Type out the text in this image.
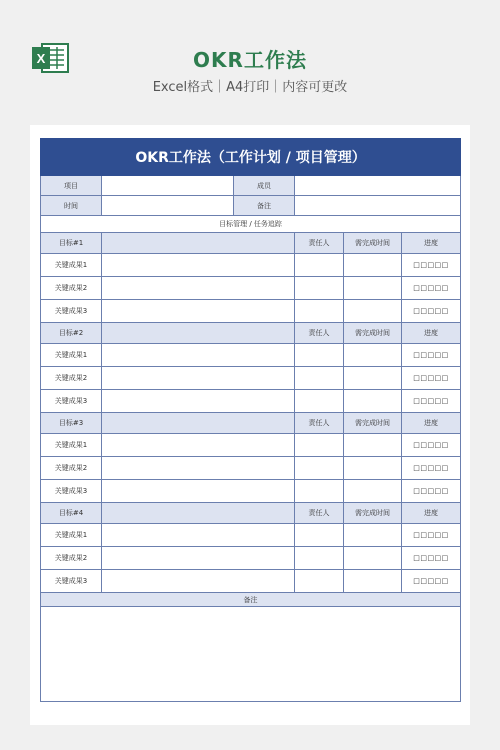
X	OKR工作法
Excel格式｜A4打印｜内容可更改
OKR工作法（工作计划 / 项目管理）					
项目		成员			
时间		备注			
目标管理 / 任务追踪					
目标#1			责任人	需完成时间	进度
关键成果1					□□□□□
关键成果2					□□□□□
关键成果3					□□□□□
目标#2			责任人	需完成时间	进度
关键成果1					□□□□□
关键成果2					□□□□□
关键成果3					□□□□□
目标#3			责任人	需完成时间	进度
关键成果1					□□□□□
关键成果2					□□□□□
关键成果3					□□□□□
目标#4			责任人	需完成时间	进度
关键成果1					□□□□□
关键成果2					□□□□□
关键成果3					□□□□□
备注					
